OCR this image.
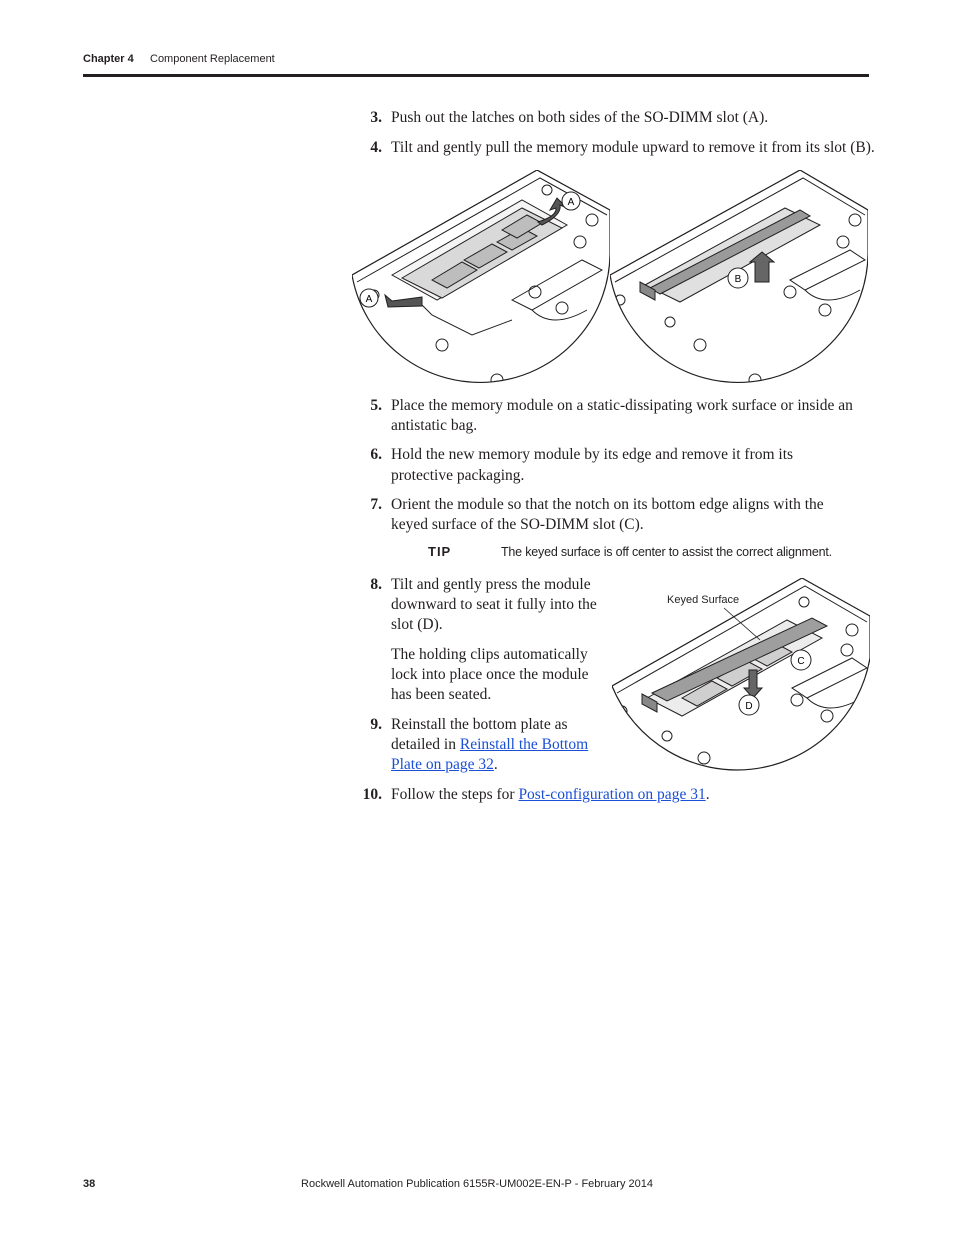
Chapter 4 Component Replacement
3. Push out the latches on both sides of the SO-DIMM slot (A).
4. Tilt and gently pull the memory module upward to remove it from its slot (B).
A
A
B
5. Place the memory module on a static-dissipating work surface or inside an
antistatic bag.
6. Hold the new memory module by its edge and remove it from its
protective packaging.
7. Orient the module so that the notch on its bottom edge aligns with the
keyed surface of the SO-DIMM slot (C).
TIP	The keyed surface is off center to assist the correct alignment.
8. Tilt and gently press the module
downward to seat it fully into the
slot (D).
The holding clips automatically
lock into place once the module
has been seated.
9. Reinstall the bottom plate as
detailed in Reinstall the Bottom
Plate on page 32.
Keyed Surface
C
D
10. Follow the steps for Post-configuration on page 31.
38	Rockwell Automation Publication 6155R-UM002E-EN-P - February 2014
